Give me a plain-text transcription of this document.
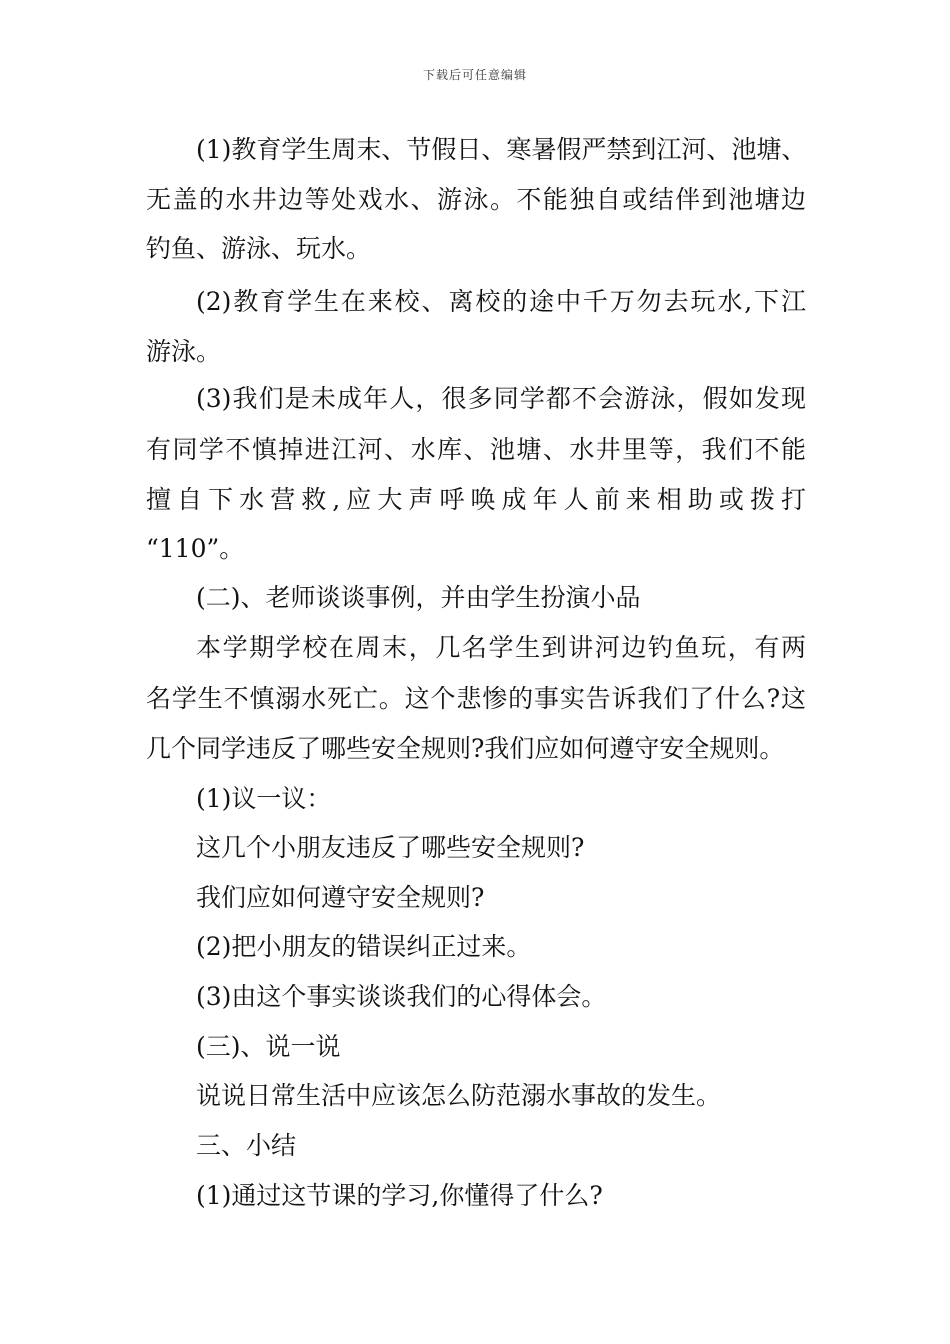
下载后可任意编辑
(1)教育学生周末、节假日、寒暑假严禁到江河、池塘、
无盖的水井边等处戏水、游泳。不能独自或结伴到池塘边
钓鱼、游泳、玩水。
(2)教育学生在来校、离校的途中千万勿去玩水,下江
游泳。
(3)我们是未成年人，很多同学都不会游泳，假如发现
有同学不慎掉进江河、水库、池塘、水井里等，我们不能
擅自下水营救,应大声呼唤成年人前来相助或拨打
“110”。
(二)、老师谈谈事例，并由学生扮演小品
本学期学校在周末，几名学生到讲河边钓鱼玩，有两
名学生不慎溺水死亡。这个悲惨的事实告诉我们了什么?这
几个同学违反了哪些安全规则?我们应如何遵守安全规则。
(1)议一议：
这几个小朋友违反了哪些安全规则?
我们应如何遵守安全规则?
(2)把小朋友的错误纠正过来。
(3)由这个事实谈谈我们的心得体会。
(三)、说一说
说说日常生活中应该怎么防范溺水事故的发生。
三、小结
(1)通过这节课的学习,你懂得了什么?
